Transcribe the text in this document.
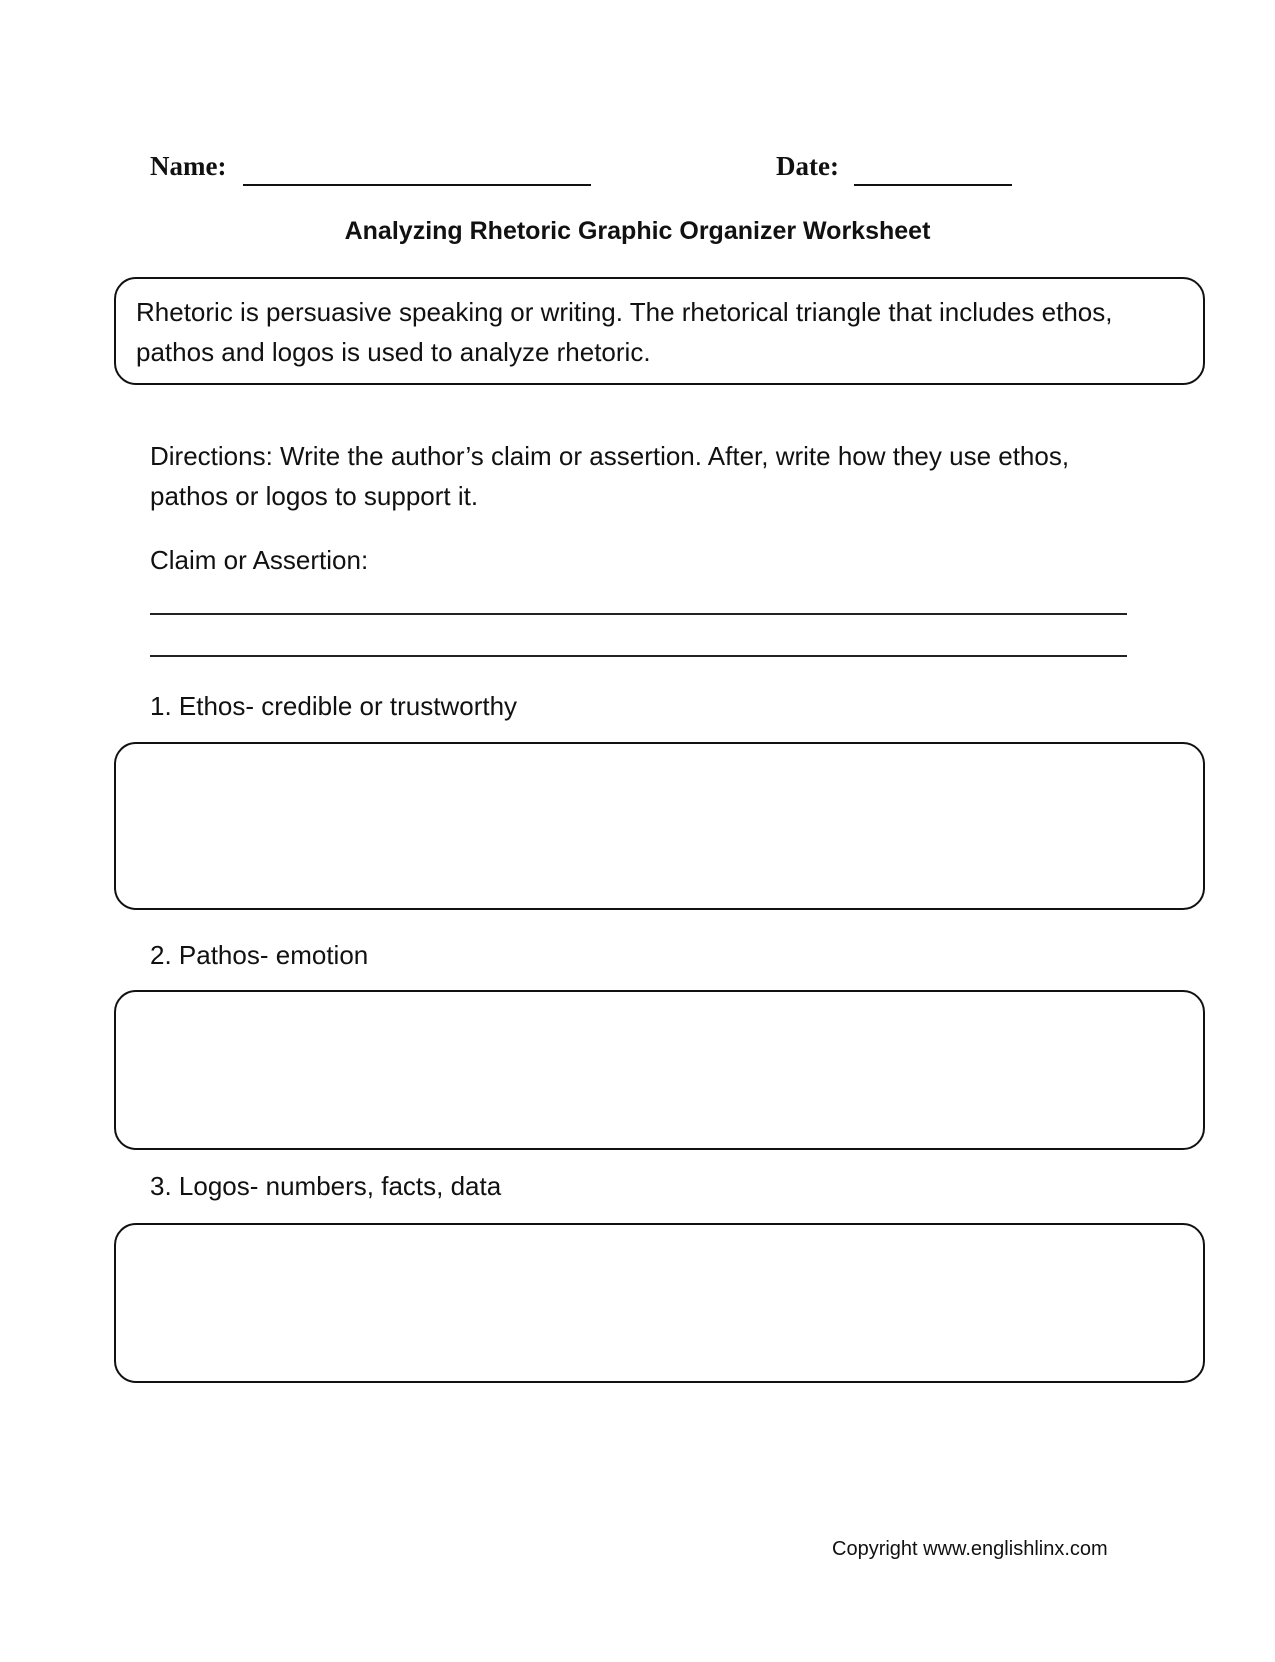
Name:	Date:
Analyzing Rhetoric Graphic Organizer Worksheet
Rhetoric is persuasive speaking or writing. The rhetorical triangle that includes ethos, pathos and logos is used to analyze rhetoric.
Directions: Write the author’s claim or assertion. After, write how they use ethos, pathos or logos to support it.
Claim or Assertion:
1. Ethos- credible or trustworthy
2. Pathos- emotion
3. Logos- numbers, facts, data
Copyright www.englishlinx.com
